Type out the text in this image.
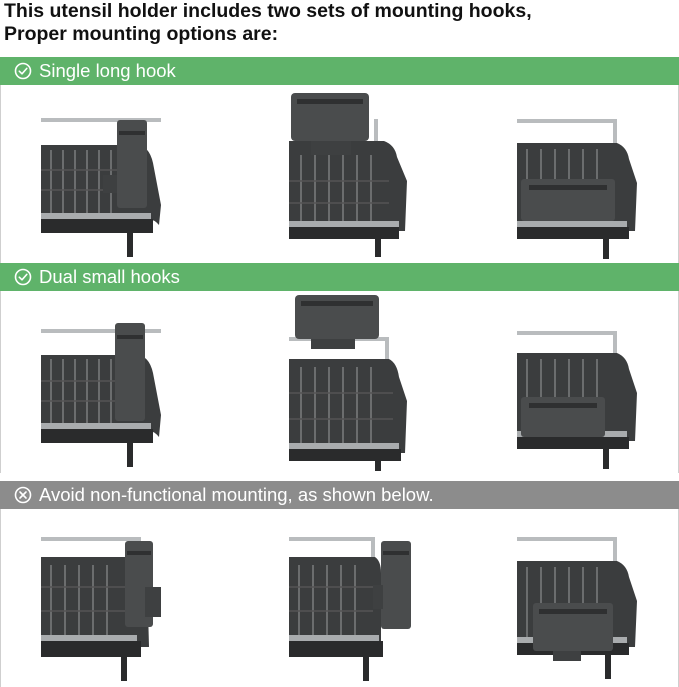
This utensil holder includes two sets of mounting hooks,
Proper mounting options are:
Single long hook
Dual small hooks
Avoid non-functional mounting, as shown below.
